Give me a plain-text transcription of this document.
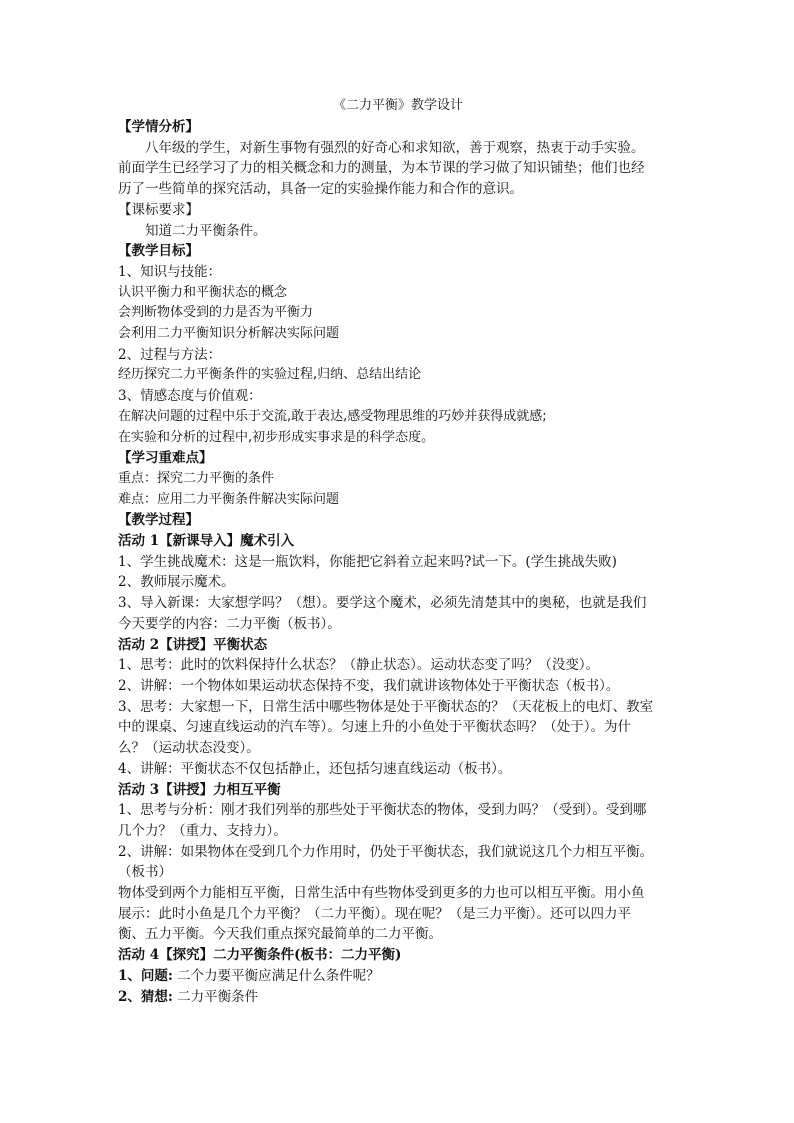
《二力平衡》教学设计
【学情分析】
八年级的学生，对新生事物有强烈的好奇心和求知欲，善于观察，热衷于动手实验。
前面学生已经学习了力的相关概念和力的测量，为本节课的学习做了知识铺垫；他们也经
历了一些简单的探究活动，具备一定的实验操作能力和合作的意识。
【课标要求】
知道二力平衡条件。
【教学目标】
1、知识与技能：
认识平衡力和平衡状态的概念
会判断物体受到的力是否为平衡力
会利用二力平衡知识分析解决实际问题
2、过程与方法：
经历探究二力平衡条件的实验过程,归纳、总结出结论
3、情感态度与价值观：
在解决问题的过程中乐于交流,敢于表达,感受物理思维的巧妙并获得成就感;
在实验和分析的过程中,初步形成实事求是的科学态度。
【学习重难点】
重点：探究二力平衡的条件
难点：应用二力平衡条件解决实际问题
【教学过程】
活动 1【新课导入】魔术引入
1、学生挑战魔术：这是一瓶饮料，你能把它斜着立起来吗?试一下。(学生挑战失败)
2、教师展示魔术。
3、导入新课：大家想学吗？（想）。要学这个魔术，必须先清楚其中的奥秘，也就是我们
今天要学的内容：二力平衡（板书）。
活动 2【讲授】平衡状态
1、思考：此时的饮料保持什么状态？（静止状态）。运动状态变了吗？（没变）。
2、讲解：一个物体如果运动状态保持不变，我们就讲该物体处于平衡状态（板书）。
3、思考：大家想一下，日常生活中哪些物体是处于平衡状态的？（天花板上的电灯、教室
中的课桌、匀速直线运动的汽车等）。匀速上升的小鱼处于平衡状态吗？（处于）。为什
么？（运动状态没变）。
4、讲解：平衡状态不仅包括静止，还包括匀速直线运动（板书）。
活动 3【讲授】力相互平衡
1、思考与分析：刚才我们列举的那些处于平衡状态的物体，受到力吗？（受到）。受到哪
几个力？（重力、支持力）。
2、讲解：如果物体在受到几个力作用时，仍处于平衡状态，我们就说这几个力相互平衡。
（板书）
物体受到两个力能相互平衡，日常生活中有些物体受到更多的力也可以相互平衡。用小鱼
展示：此时小鱼是几个力平衡？（二力平衡）。现在呢？（是三力平衡）。还可以四力平
衡、五力平衡。今天我们重点探究最简单的二力平衡。
活动 4【探究】二力平衡条件(板书：二力平衡)
1、问题: 二个力要平衡应满足什么条件呢？
2、猜想: 二力平衡条件
